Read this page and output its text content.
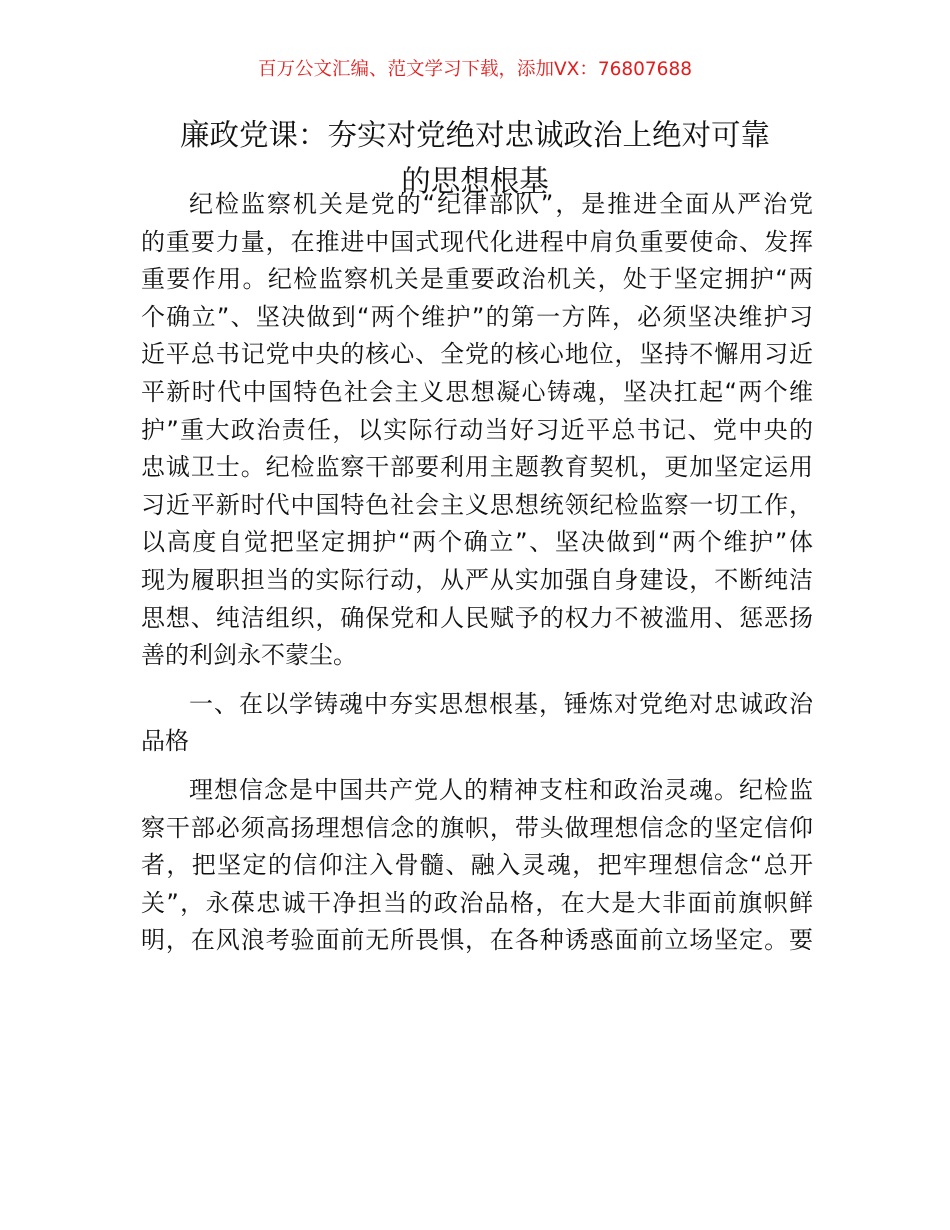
百万公文汇编、范文学习下载，添加VX：76807688
廉政党课：夯实对党绝对忠诚政治上绝对可靠
的思想根基
纪检监察机关是党的“纪律部队”，是推进全面从严治党
的重要力量，在推进中国式现代化进程中肩负重要使命、发挥
重要作用。纪检监察机关是重要政治机关，处于坚定拥护“两
个确立”、坚决做到“两个维护”的第一方阵，必须坚决维护习
近平总书记党中央的核心、全党的核心地位，坚持不懈用习近
平新时代中国特色社会主义思想凝心铸魂，坚决扛起“两个维
护”重大政治责任，以实际行动当好习近平总书记、党中央的
忠诚卫士。纪检监察干部要利用主题教育契机，更加坚定运用
习近平新时代中国特色社会主义思想统领纪检监察一切工作，
以高度自觉把坚定拥护“两个确立”、坚决做到“两个维护”体
现为履职担当的实际行动，从严从实加强自身建设，不断纯洁
思想、纯洁组织，确保党和人民赋予的权力不被滥用、惩恶扬
善的利剑永不蒙尘。
一、在以学铸魂中夯实思想根基，锤炼对党绝对忠诚政治
品格
理想信念是中国共产党人的精神支柱和政治灵魂。纪检监
察干部必须高扬理想信念的旗帜，带头做理想信念的坚定信仰
者，把坚定的信仰注入骨髓、融入灵魂，把牢理想信念“总开
关”，永葆忠诚干净担当的政治品格，在大是大非面前旗帜鲜
明，在风浪考验面前无所畏惧，在各种诱惑面前立场坚定。要
